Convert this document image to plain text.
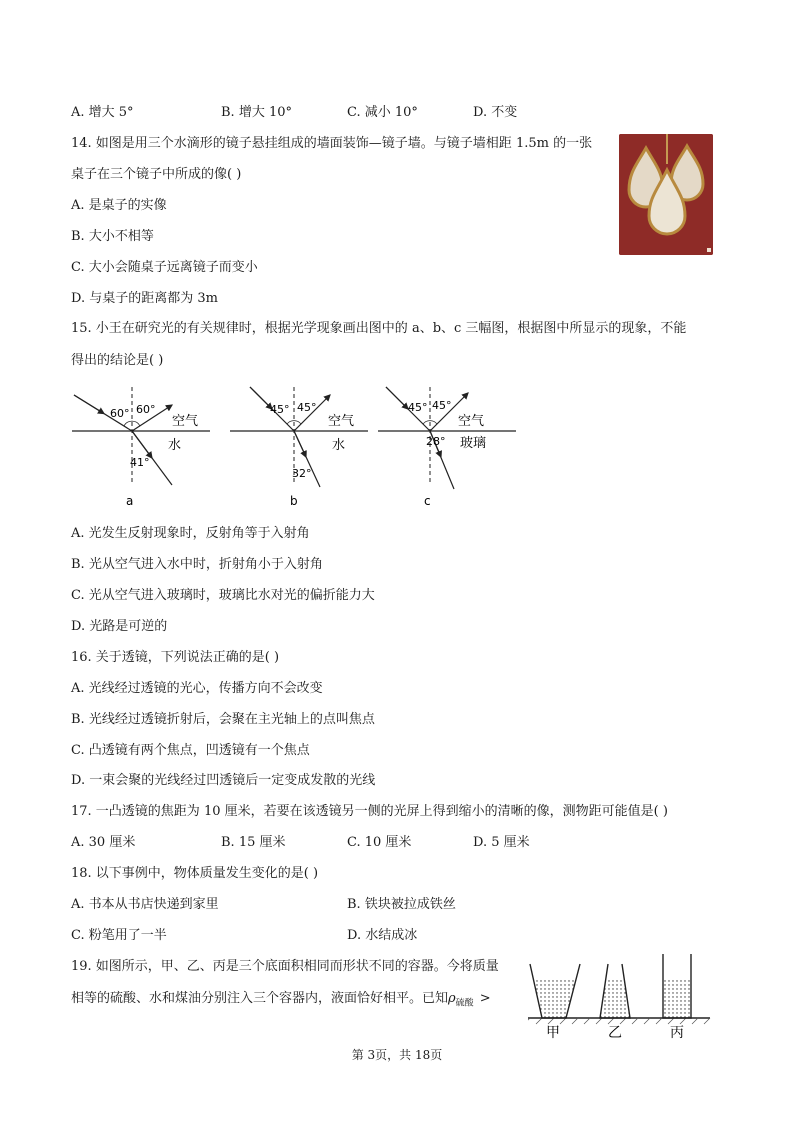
A. 增大 5°	B. 增大 10°	C. 减小 10°	D. 不变
14. 如图是用三个水滴形的镜子悬挂组成的墙面装饰—镜子墙。与镜子墙相距 1.5m 的一张
桌子在三个镜子中所成的像( )
A. 是桌子的实像
B. 大小不相等
C. 大小会随桌子远离镜子而变小
D. 与桌子的距离都为 3m
15. 小王在研究光的有关规律时，根据光学现象画出图中的 a、b、c 三幅图，根据图中所显示的现象，不能
得出的结论是( )
60° 60°
空气
水
41°
a
45° 45°
空气
水
32°
b
45° 45°
空气
玻璃
28°
c
A. 光发生反射现象时，反射角等于入射角
B. 光从空气进入水中时，折射角小于入射角
C. 光从空气进入玻璃时，玻璃比水对光的偏折能力大
D. 光路是可逆的
16. 关于透镜，下列说法正确的是( )
A. 光线经过透镜的光心，传播方向不会改变
B. 光线经过透镜折射后，会聚在主光轴上的点叫焦点
C. 凸透镜有两个焦点，凹透镜有一个焦点
D. 一束会聚的光线经过凹透镜后一定变成发散的光线
17. 一凸透镜的焦距为 10 厘米，若要在该透镜另一侧的光屏上得到缩小的清晰的像，测物距可能值是( )
A. 30 厘米	B. 15 厘米	C. 10 厘米	D. 5 厘米
18. 以下事例中，物体质量发生变化的是( )
A. 书本从书店快递到家里	B. 铁块被拉成铁丝
C. 粉笔用了一半	D. 水结成冰
19. 如图所示，甲、乙、丙是三个底面积相同而形状不同的容器。今将质量
相等的硫酸、水和煤油分别注入三个容器内，液面恰好相平。已知$\rho_{硫酸}$ >
甲	乙	丙
第 3页，共 18页
